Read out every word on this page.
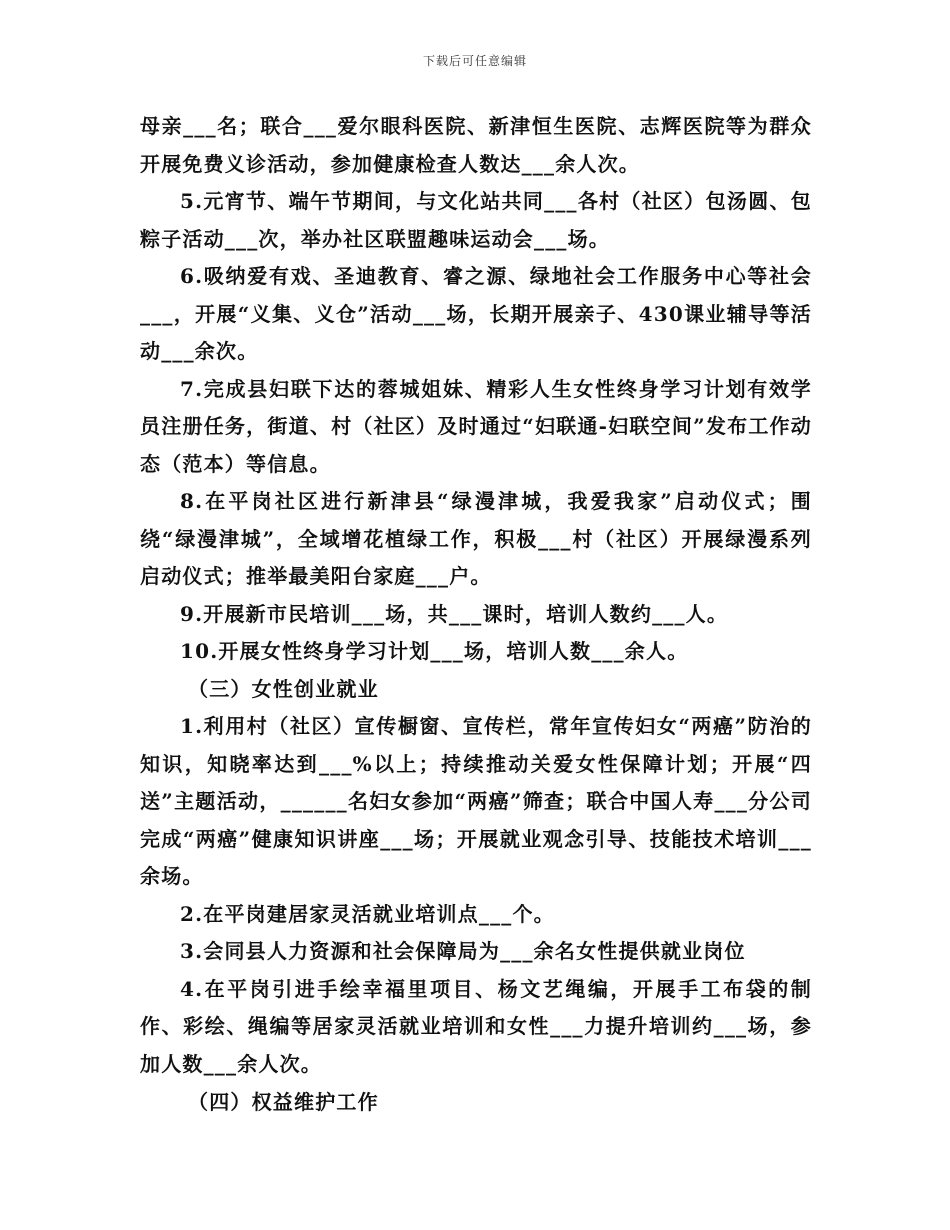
下载后可任意编辑

母亲___名；联合___爱尔眼科医院、新津恒生医院、志辉医院等为群众开展免费义诊活动，参加健康检查人数达___余人次。

5.元宵节、端午节期间，与文化站共同___各村（社区）包汤圆、包粽子活动___次，举办社区联盟趣味运动会___场。

6.吸纳爱有戏、圣迪教育、睿之源、绿地社会工作服务中心等社会___，开展“义集、义仓”活动___场，长期开展亲子、430课业辅导等活动___余次。

7.完成县妇联下达的蓉城姐妹、精彩人生女性终身学习计划有效学员注册任务，街道、村（社区）及时通过“妇联通-妇联空间”发布工作动态（范本）等信息。

8.在平岗社区进行新津县“绿漫津城，我爱我家”启动仪式；围绕“绿漫津城”，全域增花植绿工作，积极___村（社区）开展绿漫系列启动仪式；推举最美阳台家庭___户。

9.开展新市民培训___场，共___课时，培训人数约___人。

10.开展女性终身学习计划___场，培训人数___余人。

（三）女性创业就业

1.利用村（社区）宣传橱窗、宣传栏，常年宣传妇女“两癌”防治的知识，知晓率达到___%以上；持续推动关爱女性保障计划；开展“四送”主题活动，______名妇女参加“两癌”筛查；联合中国人寿___分公司完成“两癌”健康知识讲座___场；开展就业观念引导、技能技术培训___余场。

2.在平岗建居家灵活就业培训点___个。

3.会同县人力资源和社会保障局为___余名女性提供就业岗位

4.在平岗引进手绘幸福里项目、杨文艺绳编，开展手工布袋的制作、彩绘、绳编等居家灵活就业培训和女性___力提升培训约___场，参加人数___余人次。

（四）权益维护工作
